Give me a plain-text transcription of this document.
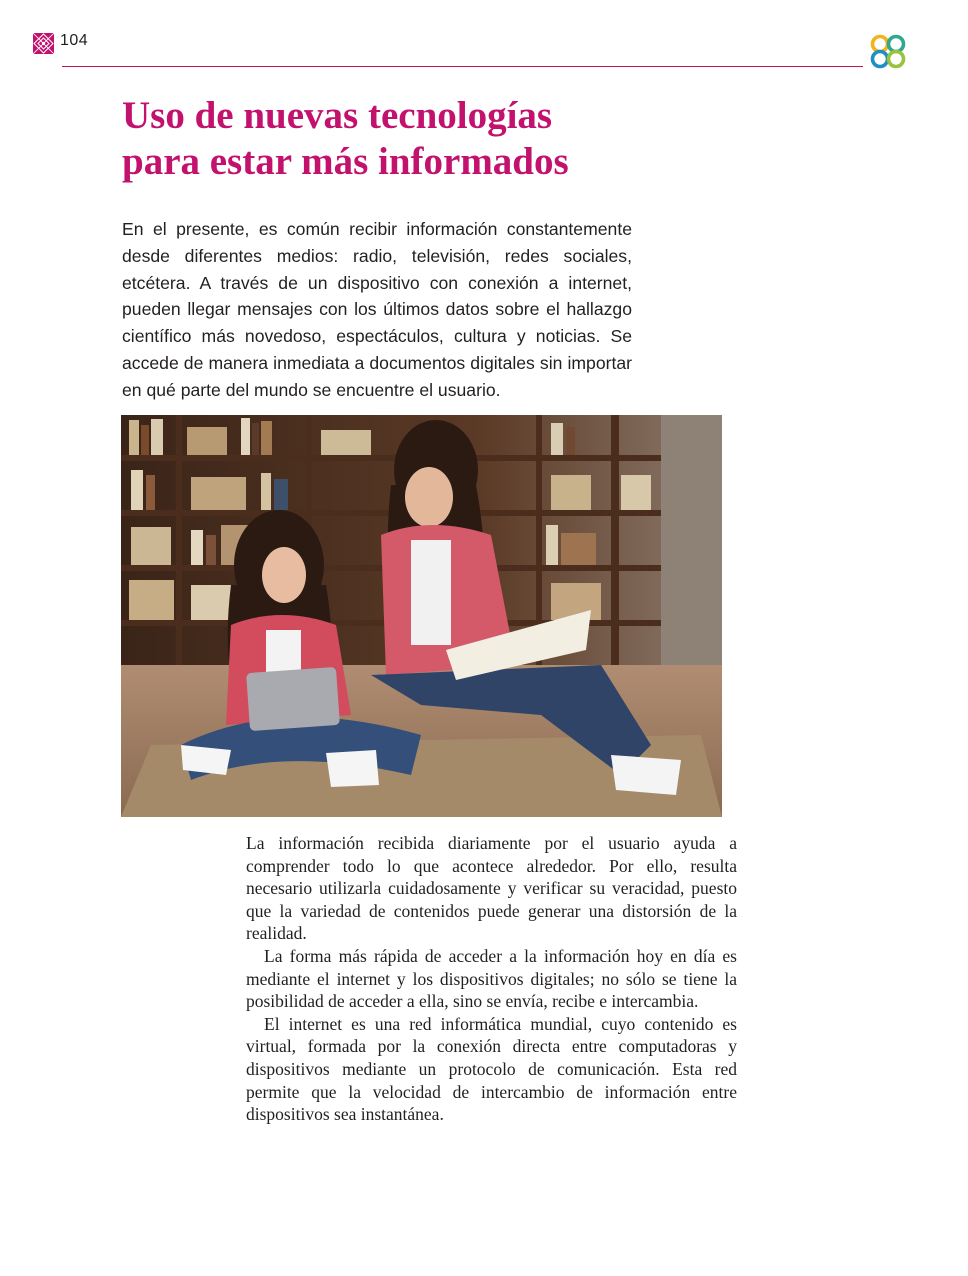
104
Uso de nuevas tecnologías
para estar más informados

En el presente, es común recibir información constantemente desde diferentes medios: radio, televisión, redes sociales, etcétera. A través de un dispositivo con conexión a internet, pueden llegar mensajes con los últimos datos sobre el hallazgo científico más novedoso, espectáculos, cultura y noticias. Se accede de manera inmediata a documentos digitales sin importar en qué parte del mundo se encuentre el usuario.

La información recibida diariamente por el usuario ayuda a comprender todo lo que acontece alrededor. Por ello, resulta necesario utilizarla cuidadosamente y verificar su veracidad, puesto que la variedad de contenidos puede generar una distorsión de la realidad.

La forma más rápida de acceder a la información hoy en día es mediante el internet y los dispositivos digitales; no sólo se tiene la posibilidad de acceder a ella, sino se envía, recibe e intercambia.

El internet es una red informática mundial, cuyo contenido es virtual, formada por la conexión directa entre computadoras y dispositivos mediante un protocolo de comunicación. Esta red permite que la velocidad de intercambio de información entre dispositivos sea instantánea.
